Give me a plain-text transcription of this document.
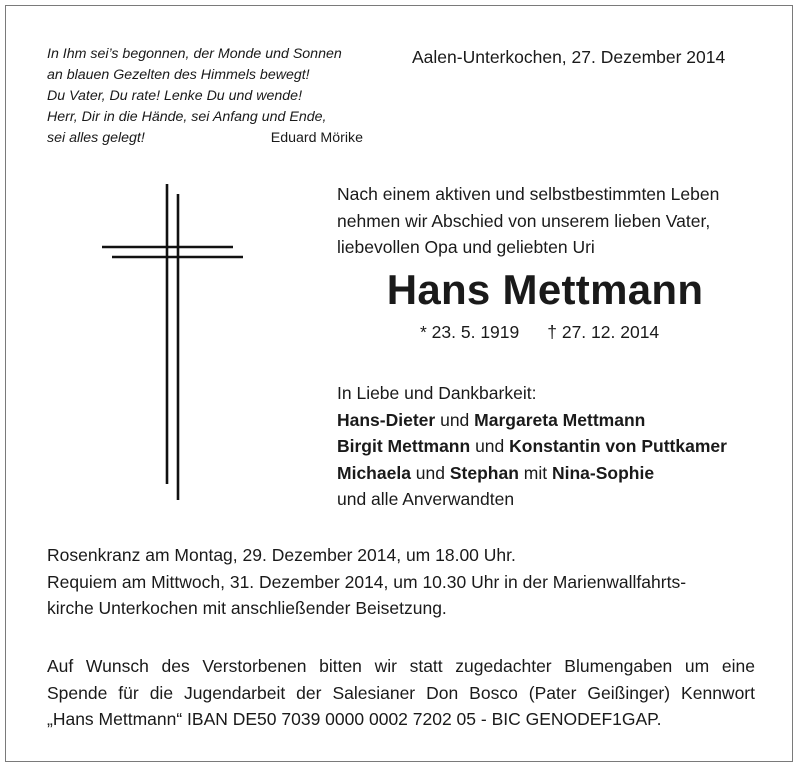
In Ihm sei’s begonnen, der Monde und Sonnen
an blauen Gezelten des Himmels bewegt!
Du Vater, Du rate! Lenke Du und wende!
Herr, Dir in die Hände, sei Anfang und Ende,
sei alles gelegt!	Eduard Mörike
Aalen-Unterkochen, 27. Dezember 2014
Nach einem aktiven und selbstbestimmten Leben
nehmen wir Abschied von unserem lieben Vater,
liebevollen Opa und geliebten Uri
Hans Mettmann
* 23. 5. 1919 † 27. 12. 2014
In Liebe und Dankbarkeit:
Hans-Dieter und Margareta Mettmann
Birgit Mettmann und Konstantin von Puttkamer
Michaela und Stephan mit Nina-Sophie
und alle Anverwandten
Rosenkranz am Montag, 29. Dezember 2014, um 18.00 Uhr.
Requiem am Mittwoch, 31. Dezember 2014, um 10.30 Uhr in der Marienwallfahrts-
kirche Unterkochen mit anschließender Beisetzung.
Auf Wunsch des Verstorbenen bitten wir statt zugedachter Blumengaben um eine
Spende für die Jugendarbeit der Salesianer Don Bosco (Pater Geißinger) Kennwort
„Hans Mettmann“ IBAN DE50 7039 0000 0002 7202 05 - BIC GENODEF1GAP.
